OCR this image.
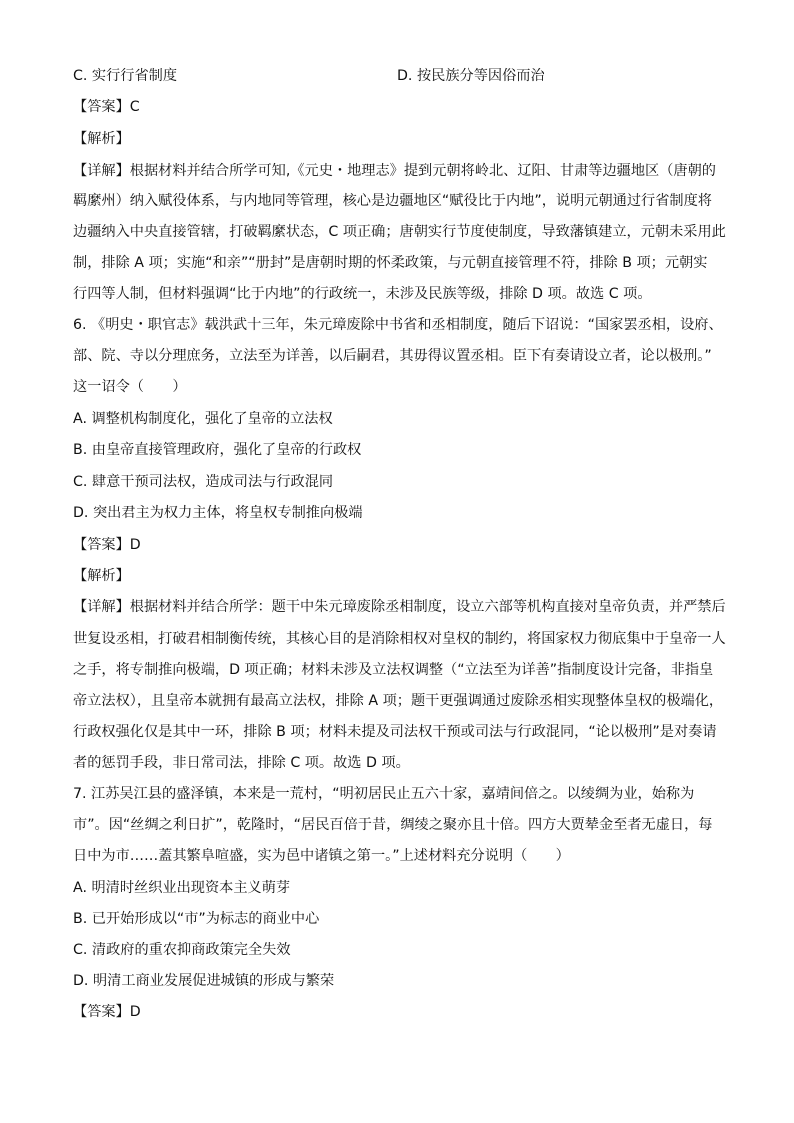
C. 实行行省制度	D. 按民族分等因俗而治
【答案】C
【解析】
【详解】根据材料并结合所学可知,《元史・地理志》提到元朝将岭北、辽阳、甘肃等边疆地区（唐朝的
羁縻州）纳入赋役体系，与内地同等管理，核心是边疆地区“赋役比于内地”，说明元朝通过行省制度将
边疆纳入中央直接管辖，打破羁縻状态，C 项正确；唐朝实行节度使制度，导致藩镇建立，元朝未采用此
制，排除 A 项；实施“和亲”“册封”是唐朝时期的怀柔政策，与元朝直接管理不符，排除 B 项；元朝实
行四等人制，但材料强调“比于内地”的行政统一，未涉及民族等级，排除 D 项。故选 C 项。
6. 《明史・职官志》载洪武十三年，朱元璋废除中书省和丞相制度，随后下诏说：“国家罢丞相，设府、
部、院、寺以分理庶务，立法至为详善，以后嗣君，其毋得议置丞相。臣下有奏请设立者，论以极刑。”
这一诏令（　　）
A. 调整机构制度化，强化了皇帝的立法权
B. 由皇帝直接管理政府，强化了皇帝的行政权
C. 肆意干预司法权，造成司法与行政混同
D. 突出君主为权力主体，将皇权专制推向极端
【答案】D
【解析】
【详解】根据材料并结合所学：题干中朱元璋废除丞相制度，设立六部等机构直接对皇帝负责，并严禁后
世复设丞相，打破君相制衡传统，其核心目的是消除相权对皇权的制约，将国家权力彻底集中于皇帝一人
之手，将专制推向极端，D 项正确；材料未涉及立法权调整（“立法至为详善”指制度设计完备，非指皇
帝立法权），且皇帝本就拥有最高立法权，排除 A 项；题干更强调通过废除丞相实现整体皇权的极端化，
行政权强化仅是其中一环，排除 B 项；材料未提及司法权干预或司法与行政混同，“论以极刑”是对奏请
者的惩罚手段，非日常司法，排除 C 项。故选 D 项。
7. 江苏吴江县的盛泽镇，本来是一荒村，“明初居民止五六十家，嘉靖间倍之。以绫绸为业，始称为
市”。因“丝绸之利日扩”，乾隆时，“居民百倍于昔，绸绫之聚亦且十倍。四方大贾辇金至者无虚日，每
日中为市……蓋其繁阜喧盛，实为邑中诸镇之第一。”上述材料充分说明（　　）
A. 明清时丝织业出现资本主义萌芽
B. 已开始形成以“市”为标志的商业中心
C. 清政府的重农抑商政策完全失效
D. 明清工商业发展促进城镇的形成与繁荣
【答案】D
